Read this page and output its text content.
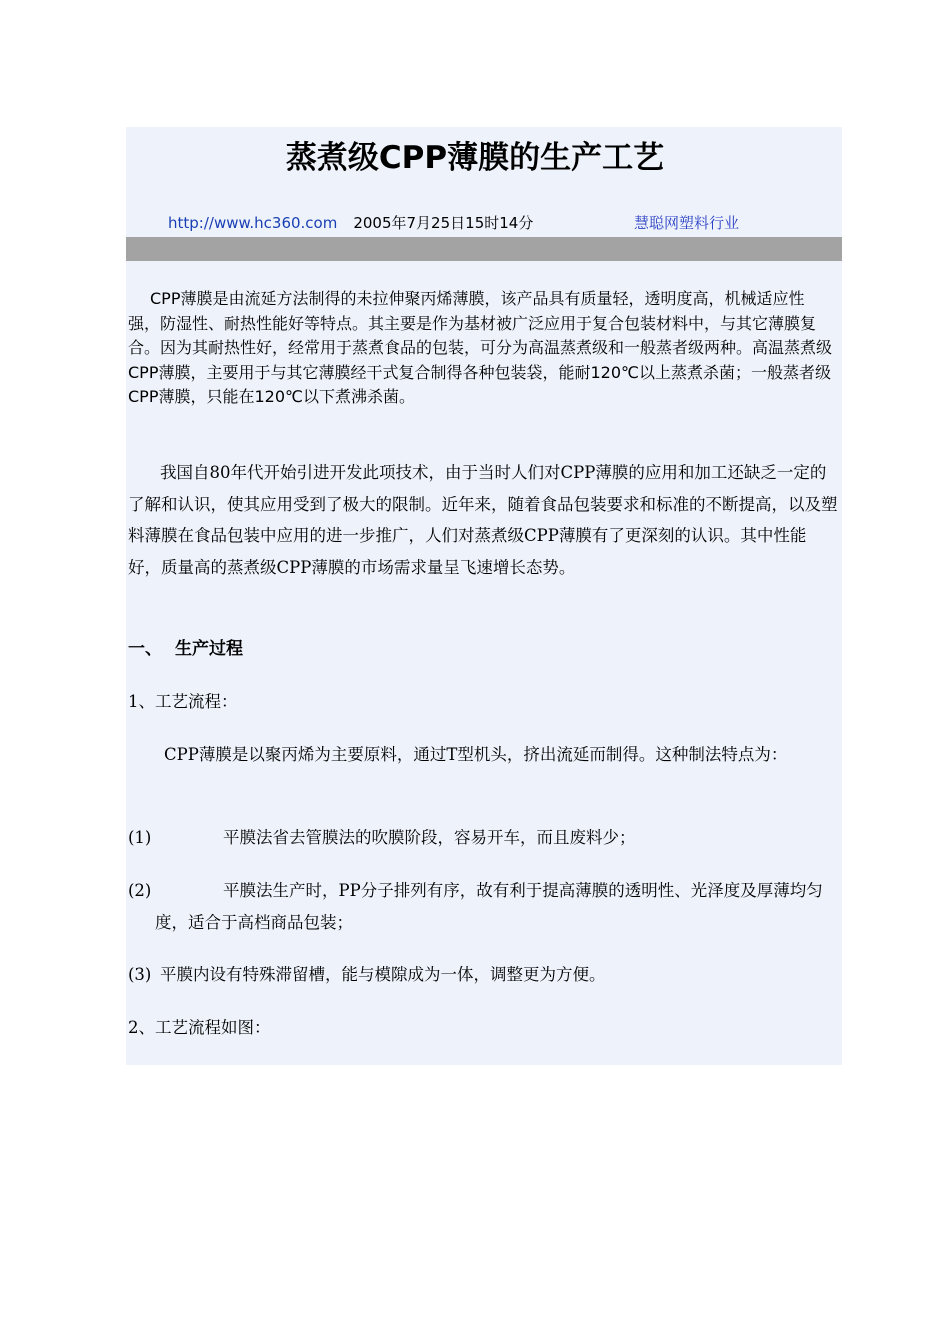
蒸煮级CPP薄膜的生产工艺
http://www.hc360.com 2005年7月25日15时14分	慧聪网塑料行业

CPP薄膜是由流延方法制得的未拉伸聚丙烯薄膜，该产品具有质量轻，透明度高，机械适应性强，防湿性、耐热性能好等特点。其主要是作为基材被广泛应用于复合包装材料中，与其它薄膜复合。因为其耐热性好，经常用于蒸煮食品的包装，可分为高温蒸煮级和一般蒸者级两种。高温蒸煮级CPP薄膜，主要用于与其它薄膜经干式复合制得各种包装袋，能耐120℃以上蒸煮杀菌；一般蒸者级CPP薄膜，只能在120℃以下煮沸杀菌。

我国自80年代开始引进开发此项技术，由于当时人们对CPP薄膜的应用和加工还缺乏一定的了解和认识，使其应用受到了极大的限制。近年来，随着食品包装要求和标准的不断提高，以及塑料薄膜在食品包装中应用的进一步推广，人们对蒸煮级CPP薄膜有了更深刻的认识。其中性能好，质量高的蒸煮级CPP薄膜的市场需求量呈飞速增长态势。

一、 生产过程

1、工艺流程：

CPP薄膜是以聚丙烯为主要原料，通过T型机头，挤出流延而制得。这种制法特点为：

(1)	平膜法省去管膜法的吹膜阶段，容易开车，而且废料少；
(2)	平膜法生产时，PP分子排列有序，故有利于提高薄膜的透明性、光泽度及厚薄均匀度，适合于高档商品包装；
(3) 平膜内设有特殊滞留槽，能与模隙成为一体，调整更为方便。

2、工艺流程如图：
